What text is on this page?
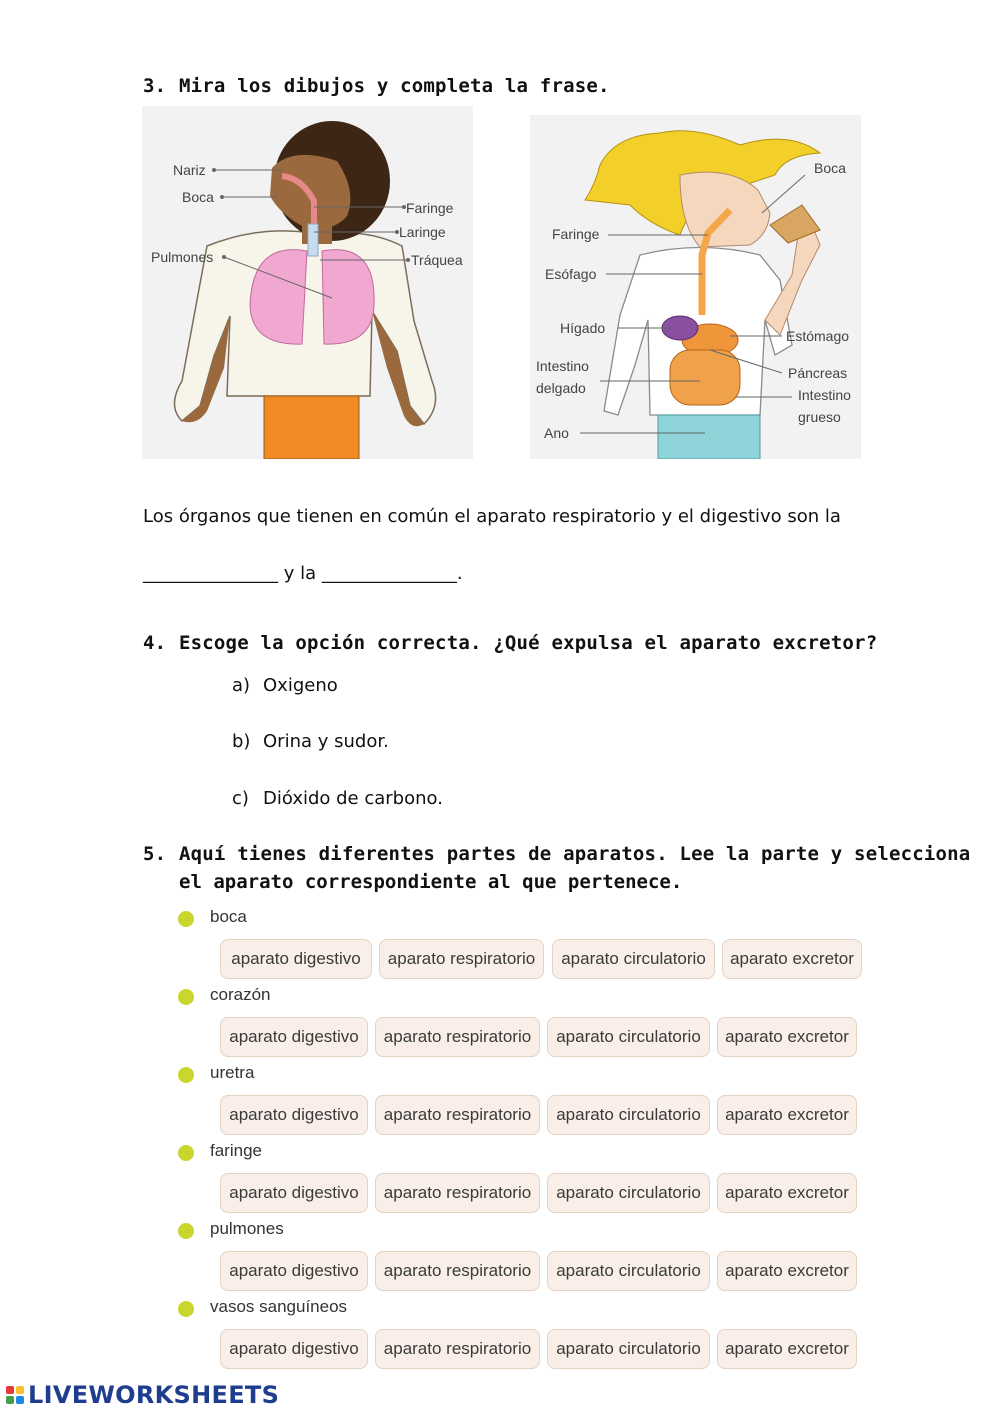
3. Mira los dibujos y completa la frase.
Nariz
Boca
Faringe
Laringe
Pulmones	Tráquea
Boca
Faringe
Esófago
Hígado	Estómago
Intestino
delgado
Páncreas
Intestino
grueso
Ano
Los órganos que tienen en común el aparato respiratorio y el digestivo son la
_______________ y la _______________.
4. Escoge la opción correcta. ¿Qué expulsa el aparato excretor?
a) Oxigeno
b) Orina y sudor.
c) Dióxido de carbono.
5. Aquí tienes diferentes partes de aparatos. Lee la parte y selecciona
el aparato correspondiente al que pertenece.
boca
aparato digestivo	aparato respiratorio	aparato circulatorio	aparato excretor
corazón
aparato digestivo	aparato respiratorio	aparato circulatorio	aparato excretor
uretra
aparato digestivo	aparato respiratorio	aparato circulatorio	aparato excretor
faringe
aparato digestivo	aparato respiratorio	aparato circulatorio	aparato excretor
pulmones
aparato digestivo	aparato respiratorio	aparato circulatorio	aparato excretor
vasos sanguíneos
aparato digestivo	aparato respiratorio	aparato circulatorio	aparato excretor
LIVEWORKSHEETS
